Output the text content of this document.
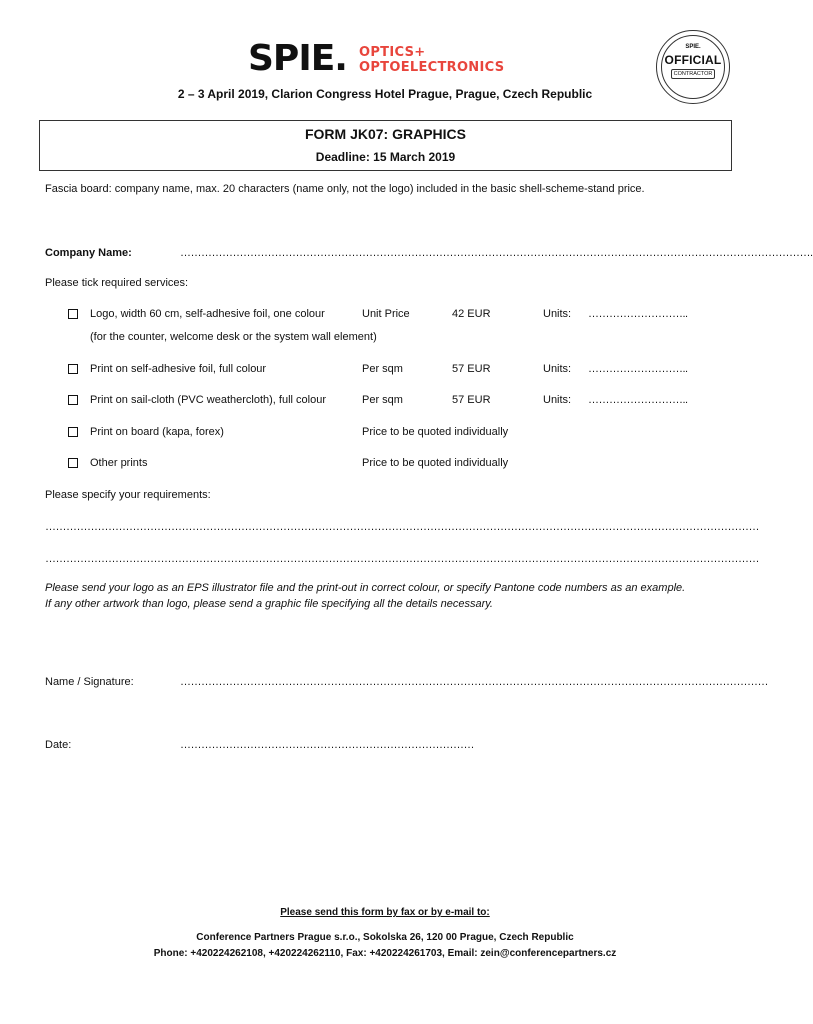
SPIE. OPTICS+
OPTOELECTRONICS
SPIE.
OFFICIAL
CONTRACTOR
2 – 3 April 2019, Clarion Congress Hotel Prague, Prague, Czech Republic
FORM JK07: GRAPHICS
Deadline: 15 March 2019
Fascia board: company name, max. 20 characters (name only, not the logo) included in the basic shell-scheme-stand price.
Company Name:	……………………………………………………………………………………………………………………………………………………………….
Please tick required services:
Logo, width 60 cm, self-adhesive foil, one colour	Unit Price	42 EUR	Units: ………………………..
(for the counter, welcome desk or the system wall element)
Print on self-adhesive foil, full colour	Per sqm	57 EUR	Units: ………………………..
Print on sail-cloth (PVC weathercloth), full colour	Per sqm	57 EUR	Units: ………………………..
Print on board (kapa, forex)	Price to be quoted individually
Other prints	Price to be quoted individually
Please specify your requirements:
……………………………………………………………………………………………………………………………………………………………………………………
……………………………………………………………………………………………………………………………………………………………………………………
Please send your logo as an EPS illustrator file and the print-out in correct colour, or specify Pantone code numbers as an example.
If any other artwork than logo, please send a graphic file specifying all the details necessary.
Name / Signature:	……………………………………………………………………………………………………………………………………………………
Date:	…………………………………………………………………………
Please send this form by fax or by e-mail to:
Conference Partners Prague s.r.o., Sokolska 26, 120 00 Prague, Czech Republic
Phone: +420224262108, +420224262110, Fax: +420224261703, Email: zein@conferencepartners.cz
